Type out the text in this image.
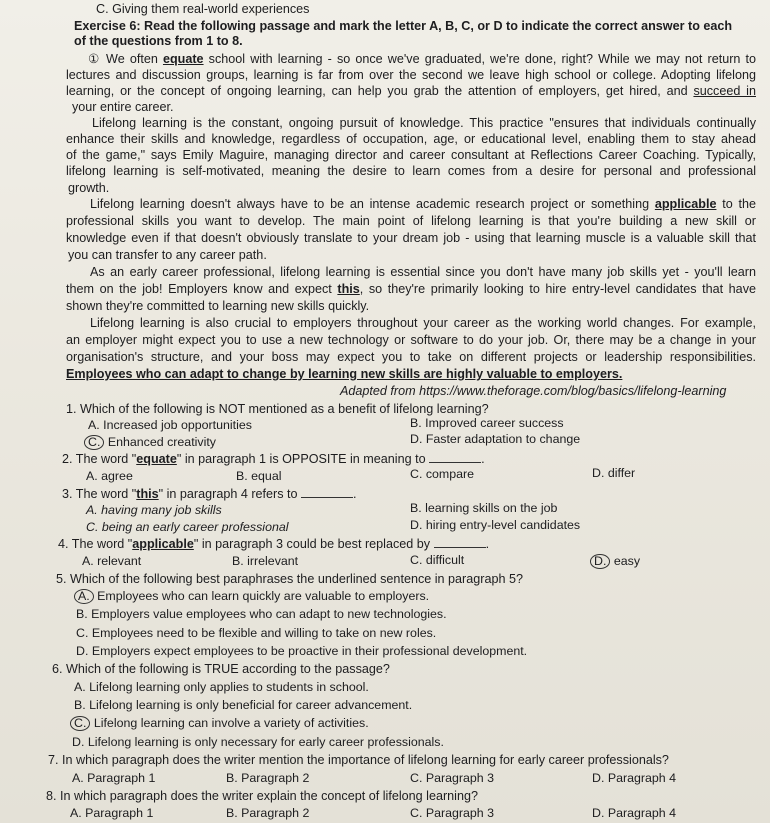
C. Giving them real-world experiences
Exercise 6: Read the following passage and mark the letter A, B, C, or D to indicate the correct answer to each
of the questions from 1 to 8.
① We often equate school with learning - so once we've graduated, we're done, right? While we may not return to
lectures and discussion groups, learning is far from over the second we leave high school or college. Adopting lifelong
learning, or the concept of ongoing learning, can help you grab the attention of employers, get hired, and succeed in
your entire career.
Lifelong learning is the constant, ongoing pursuit of knowledge. This practice "ensures that individuals continually
enhance their skills and knowledge, regardless of occupation, age, or educational level, enabling them to stay ahead
of the game," says Emily Maguire, managing director and career consultant at Reflections Career Coaching. Typically,
lifelong learning is self-motivated, meaning the desire to learn comes from a desire for personal and professional
growth.
Lifelong learning doesn't always have to be an intense academic research project or something applicable to the
professional skills you want to develop. The main point of lifelong learning is that you're building a new skill or
knowledge even if that doesn't obviously translate to your dream job - using that learning muscle is a valuable skill that
you can transfer to any career path.
As an early career professional, lifelong learning is essential since you don't have many job skills yet - you'll learn
them on the job! Employers know and expect this, so they're primarily looking to hire entry-level candidates that have
shown they're committed to learning new skills quickly.
Lifelong learning is also crucial to employers throughout your career as the working world changes. For example,
an employer might expect you to use a new technology or software to do your job. Or, there may be a change in your
organisation's structure, and your boss may expect you to take on different projects or leadership responsibilities.
Employees who can adapt to change by learning new skills are highly valuable to employers.
Adapted from https://www.theforage.com/blog/basics/lifelong-learning
1. Which of the following is NOT mentioned as a benefit of lifelong learning?
A. Increased job opportunities	B. Improved career success
C. Enhanced creativity	D. Faster adaptation to change
2. The word "equate" in paragraph 1 is OPPOSITE in meaning to	.
A. agree	B. equal	C. compare	D. differ
3. The word "this" in paragraph 4 refers to	.
A. having many job skills	B. learning skills on the job
C. being an early career professional	D. hiring entry-level candidates
4. The word "applicable" in paragraph 3 could be best replaced by	.
A. relevant	B. irrelevant	C. difficult	D. easy
5. Which of the following best paraphrases the underlined sentence in paragraph 5?
A. Employees who can learn quickly are valuable to employers.
B. Employers value employees who can adapt to new technologies.
C. Employees need to be flexible and willing to take on new roles.
D. Employers expect employees to be proactive in their professional development.
6. Which of the following is TRUE according to the passage?
A. Lifelong learning only applies to students in school.
B. Lifelong learning is only beneficial for career advancement.
C. Lifelong learning can involve a variety of activities.
D. Lifelong learning is only necessary for early career professionals.
7. In which paragraph does the writer mention the importance of lifelong learning for early career professionals?
A. Paragraph 1	B. Paragraph 2	C. Paragraph 3	D. Paragraph 4
8. In which paragraph does the writer explain the concept of lifelong learning?
A. Paragraph 1	B. Paragraph 2	C. Paragraph 3	D. Paragraph 4
